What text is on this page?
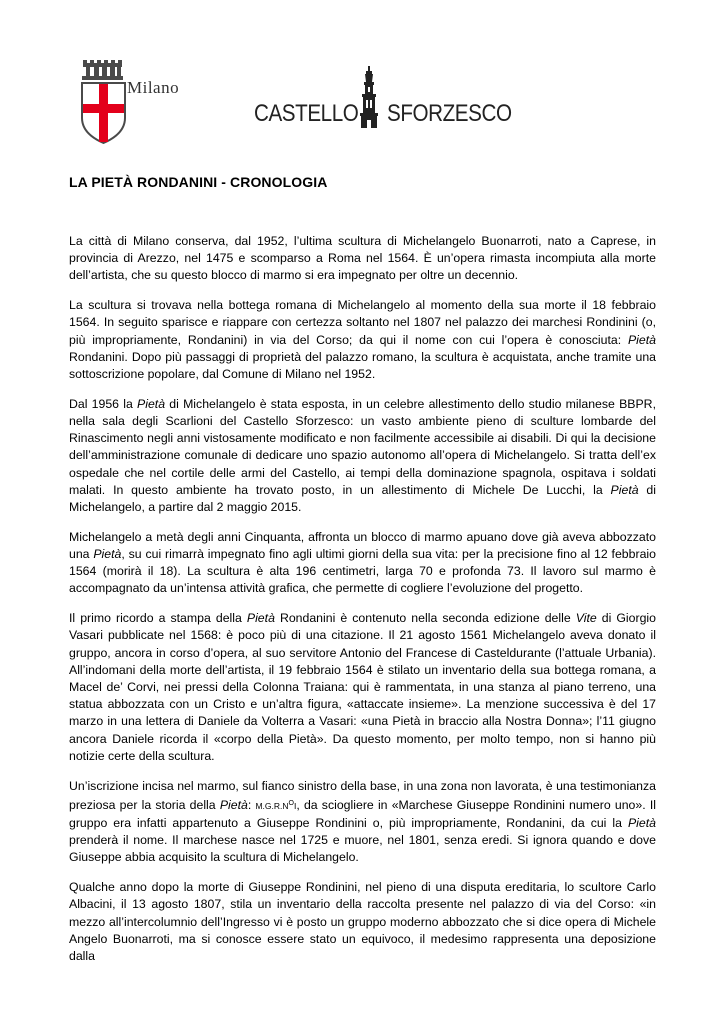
Milano
CASTELLO SFORZESCO
LA PIETÀ RONDANINI - CRONOLOGIA

La città di Milano conserva, dal 1952, l’ultima scultura di Michelangelo Buonarroti, nato a Caprese, in provincia di Arezzo, nel 1475 e scomparso a Roma nel 1564. È un’opera rimasta incompiuta alla morte dell’artista, che su questo blocco di marmo si era impegnato per oltre un decennio.

La scultura si trovava nella bottega romana di Michelangelo al momento della sua morte il 18 febbraio 1564. In seguito sparisce e riappare con certezza soltanto nel 1807 nel palazzo dei marchesi Rondinini (o, più impropriamente, Rondanini) in via del Corso; da qui il nome con cui l’opera è conosciuta: Pietà Rondanini. Dopo più passaggi di proprietà del palazzo romano, la scultura è acquistata, anche tramite una sottoscrizione popolare, dal Comune di Milano nel 1952.

Dal 1956 la Pietà di Michelangelo è stata esposta, in un celebre allestimento dello studio milanese BBPR, nella sala degli Scarlioni del Castello Sforzesco: un vasto ambiente pieno di sculture lombarde del Rinascimento negli anni vistosamente modificato e non facilmente accessibile ai disabili. Di qui la decisione dell’amministrazione comunale di dedicare uno spazio autonomo all’opera di Michelangelo. Si tratta dell’ex ospedale che nel cortile delle armi del Castello, ai tempi della dominazione spagnola, ospitava i soldati malati. In questo ambiente ha trovato posto, in un allestimento di Michele De Lucchi, la Pietà di Michelangelo, a partire dal 2 maggio 2015.

Michelangelo a metà degli anni Cinquanta, affronta un blocco di marmo apuano dove già aveva abbozzato una Pietà, su cui rimarrà impegnato fino agli ultimi giorni della sua vita: per la precisione fino al 12 febbraio 1564 (morirà il 18). La scultura è alta 196 centimetri, larga 70 e profonda 73. Il lavoro sul marmo è accompagnato da un’intensa attività grafica, che permette di cogliere l’evoluzione del progetto.

Il primo ricordo a stampa della Pietà Rondanini è contenuto nella seconda edizione delle Vite di Giorgio Vasari pubblicate nel 1568: è poco più di una citazione. Il 21 agosto 1561 Michelangelo aveva donato il gruppo, ancora in corso d’opera, al suo servitore Antonio del Francese di Casteldurante (l’attuale Urbania). All’indomani della morte dell’artista, il 19 febbraio 1564 è stilato un inventario della sua bottega romana, a Macel de’ Corvi, nei pressi della Colonna Traiana: qui è rammentata, in una stanza al piano terreno, una statua abbozzata con un Cristo e un’altra figura, «attaccate insieme». La menzione successiva è del 17 marzo in una lettera di Daniele da Volterra a Vasari: «una Pietà in braccio alla Nostra Donna»; l’11 giugno ancora Daniele ricorda il «corpo della Pietà». Da questo momento, per molto tempo, non si hanno più notizie certe della scultura.

Un’iscrizione incisa nel marmo, sul fianco sinistro della base, in una zona non lavorata, è una testimonianza preziosa per la storia della Pietà: $M.G.R.N^OI$, da sciogliere in «Marchese Giuseppe Rondinini numero uno». Il gruppo era infatti appartenuto a Giuseppe Rondinini o, più impropriamente, Rondanini, da cui la Pietà prenderà il nome. Il marchese nasce nel 1725 e muore, nel 1801, senza eredi. Si ignora quando e dove Giuseppe abbia acquisito la scultura di Michelangelo.

Qualche anno dopo la morte di Giuseppe Rondinini, nel pieno di una disputa ereditaria, lo scultore Carlo Albacini, il 13 agosto 1807, stila un inventario della raccolta presente nel palazzo di via del Corso: «in mezzo all’intercolumnio dell’Ingresso vi è posto un gruppo moderno abbozzato che si dice opera di Michele Angelo Buonarroti, ma si conosce essere stato un equivoco, il medesimo rappresenta una deposizione dalla
